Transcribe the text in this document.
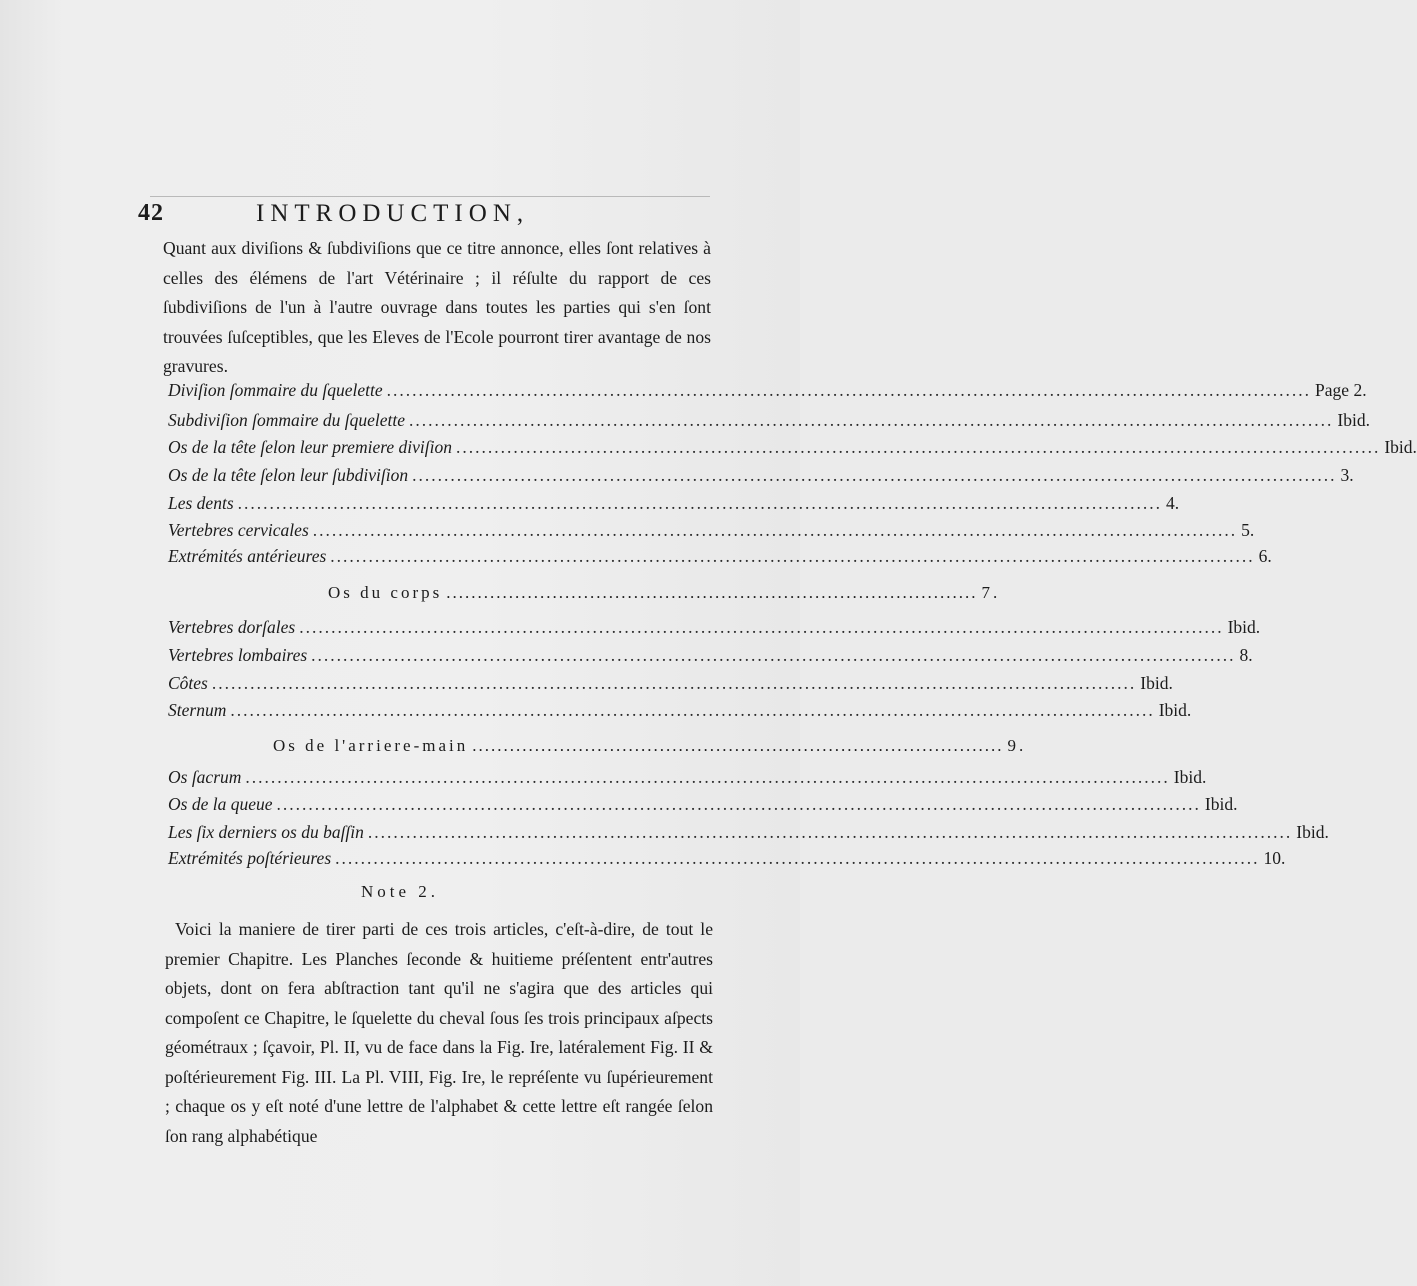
42	INTRODUCTION,

Quant aux diviſions & ſubdiviſions que ce titre annonce, elles ſont relatives à celles des élémens de l'art Vétérinaire ; il réſulte du rapport de ces ſubdiviſions de l'un à l'autre ouvrage dans toutes les parties qui s'en ſont trouvées ſuſceptibles, que les Eleves de l'Ecole pourront tirer avantage de nos gravures.

Diviſion ſommaire du ſquelette .....	Page 2.
Subdiviſion ſommaire du ſquelette .....	Ibid.
Os de la tête ſelon leur premiere diviſion .....	Ibid.
Os de la tête ſelon leur ſubdiviſion .....	3.
Les dents .....	4.
Vertebres cervicales .....	5.
Extrémités antérieures .....	6.
Os du corps ..................................................................................... 7.
Vertebres dorſales .....	Ibid.
Vertebres lombaires .....	8.
Côtes .....	Ibid.
Sternum .....	Ibid.
Os de l'arriere-main ..................................................................................... 9.
Os ſacrum .....	Ibid.
Os de la queue .....	Ibid.
Les ſix derniers os du baſſin .....	Ibid.
Extrémités poſtérieures .....	10.
Note 2.

Voici la maniere de tirer parti de ces trois articles, c'eſt-à-dire, de tout le premier Chapitre. Les Planches ſeconde & huitieme préſentent entr'autres objets, dont on fera abſtraction tant qu'il ne s'agira que des articles qui compoſent ce Chapitre, le ſquelette du cheval ſous ſes trois principaux aſpects géométraux ; ſçavoir, Pl. II, vu de face dans la Fig. Ire, latéralement Fig. II & poſtérieurement Fig. III. La Pl. VIII, Fig. Ire, le repréſente vu ſupérieurement ; chaque os y eſt noté d'une lettre de l'alphabet & cette lettre eſt rangée ſelon ſon rang alphabétique
